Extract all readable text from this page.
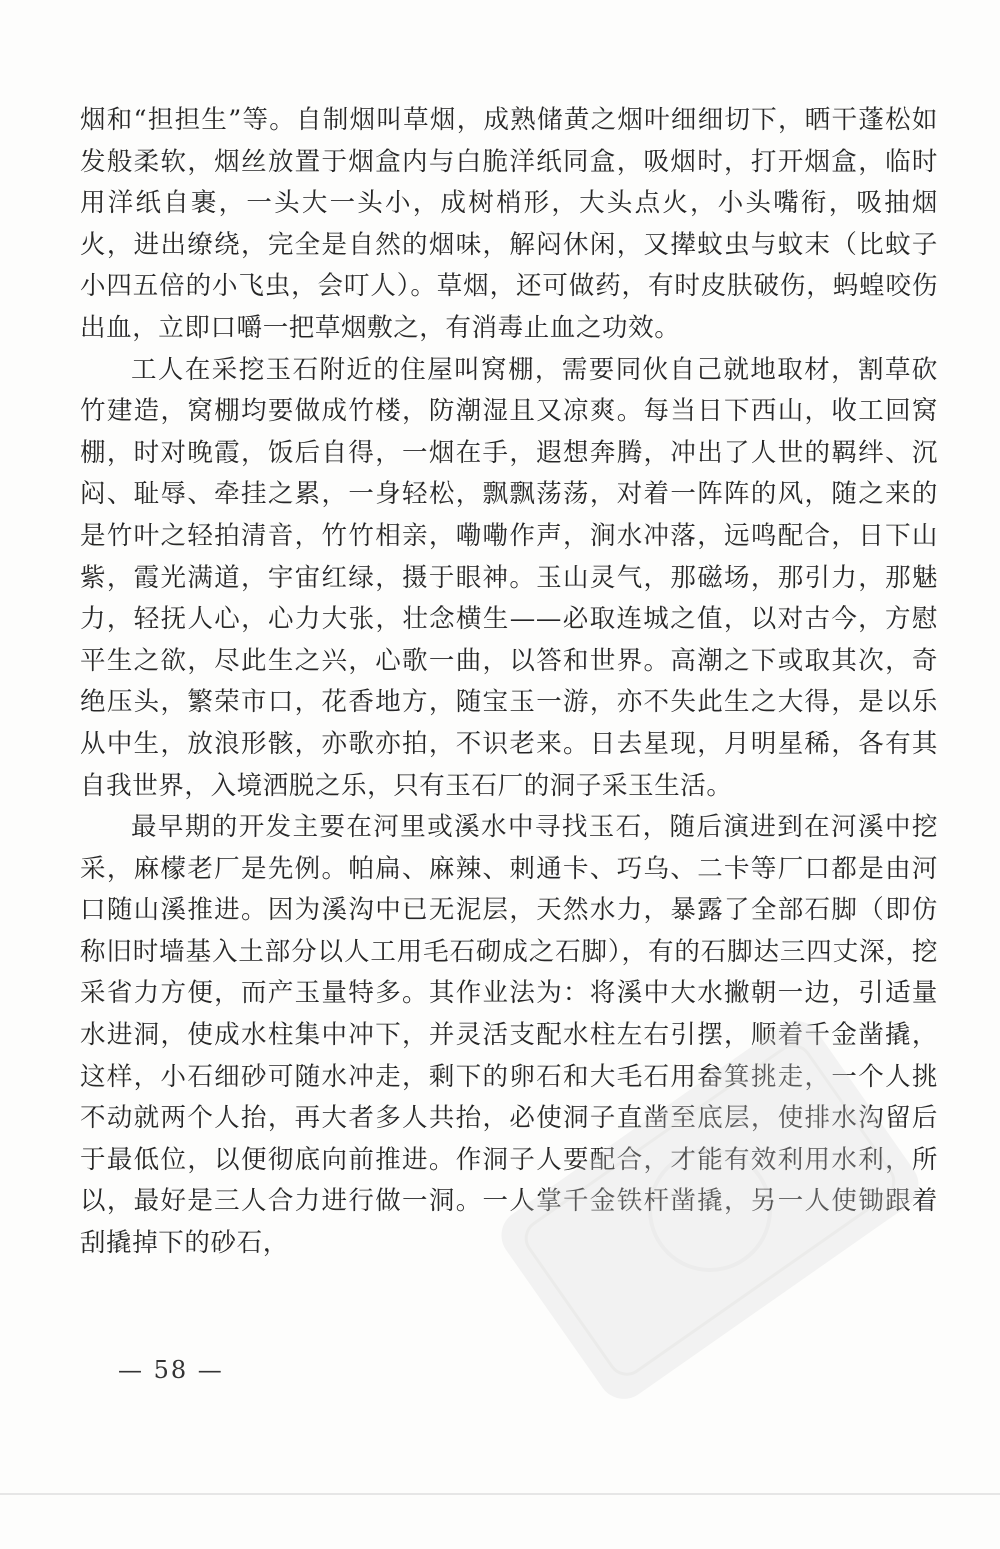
烟和“担担生”等。自制烟叫草烟，成熟储黄之烟叶细细切下，晒干蓬松如发般柔软，烟丝放置于烟盒内与白脆洋纸同盒，吸烟时，打开烟盒，临时用洋纸自裹，一头大一头小，成树梢形，大头点火，小头嘴衔，吸抽烟火，进出缭绕，完全是自然的烟味，解闷休闲，又撵蚊虫与蚊末（比蚊子小四五倍的小飞虫，会叮人）。草烟，还可做药，有时皮肤破伤，蚂蝗咬伤出血，立即口嚼一把草烟敷之，有消毒止血之功效。

工人在采挖玉石附近的住屋叫窝棚，需要同伙自己就地取材，割草砍竹建造，窝棚均要做成竹楼，防潮湿且又凉爽。每当日下西山，收工回窝棚，时对晚霞，饭后自得，一烟在手，遐想奔腾，冲出了人世的羁绊、沉闷、耻辱、牵挂之累，一身轻松，飘飘荡荡，对着一阵阵的风，随之来的是竹叶之轻拍清音，竹竹相亲，嘞嘞作声，涧水冲落，远鸣配合，日下山紫，霞光满道，宇宙红绿，摄于眼神。玉山灵气，那磁场，那引力，那魅力，轻抚人心，心力大张，壮念横生——必取连城之值，以对古今，方慰平生之欲，尽此生之兴，心歌一曲，以答和世界。高潮之下或取其次，奇绝压头，繁荣市口，花香地方，随宝玉一游，亦不失此生之大得，是以乐从中生，放浪形骸，亦歌亦拍，不识老来。日去星现，月明星稀，各有其自我世界，入境洒脱之乐，只有玉石厂的洞子采玉生活。

最早期的开发主要在河里或溪水中寻找玉石，随后演进到在河溪中挖采，麻檬老厂是先例。帕扁、麻辣、刺通卡、巧乌、二卡等厂口都是由河口随山溪推进。因为溪沟中已无泥层，天然水力，暴露了全部石脚（即仿称旧时墙基入土部分以人工用毛石砌成之石脚），有的石脚达三四丈深，挖采省力方便，而产玉量特多。其作业法为：将溪中大水撇朝一边，引适量水进洞，使成水柱集中冲下，并灵活支配水柱左右引摆，顺着千金凿撬，这样，小石细砂可随水冲走，剩下的卵石和大毛石用畚箕挑走，一个人挑不动就两个人抬，再大者多人共抬，必使洞子直凿至底层，使排水沟留后于最低位，以便彻底向前推进。作洞子人要配合，才能有效利用水利，所以，最好是三人合力进行做一洞。一人掌千金铁杆凿撬，另一人使锄跟着刮撬掉下的砂石，

— 58 —
